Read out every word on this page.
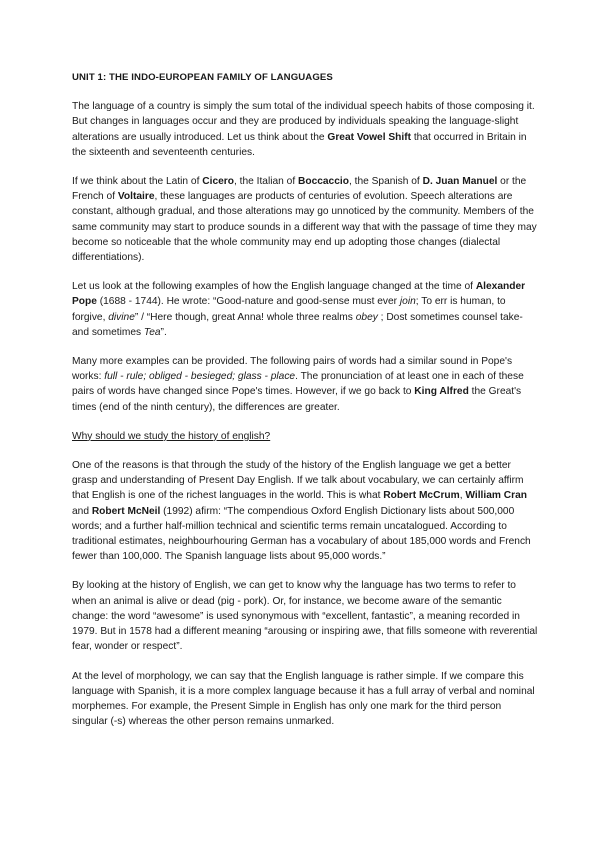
UNIT 1: THE INDO-EUROPEAN FAMILY OF LANGUAGES

The language of a country is simply the sum total of the individual speech habits of those composing it. But changes in languages occur and they are produced by individuals speaking the language-slight alterations are usually introduced. Let us think about the Great Vowel Shift that occurred in Britain in the sixteenth and seventeenth centuries.

If we think about the Latin of Cicero, the Italian of Boccaccio, the Spanish of D. Juan Manuel or the French of Voltaire, these languages are products of centuries of evolution. Speech alterations are constant, although gradual, and those alterations may go unnoticed by the community. Members of the same community may start to produce sounds in a different way that with the passage of time they may become so noticeable that the whole community may end up adopting those changes (dialectal differentiations).

Let us look at the following examples of how the English language changed at the time of Alexander Pope (1688 - 1744). He wrote: “Good-nature and good-sense must ever join; To err is human, to forgive, divine” / “Here though, great Anna! whole three realms obey ; Dost sometimes counsel take-and sometimes Tea”.

Many more examples can be provided. The following pairs of words had a similar sound in Pope's works: full - rule; obliged - besieged; glass - place. The pronunciation of at least one in each of these pairs of words have changed since Pope's times. However, if we go back to King Alfred the Great's times (end of the ninth century), the differences are greater.

Why should we study the history of english?

One of the reasons is that through the study of the history of the English language we get a better grasp and understanding of Present Day English. If we talk about vocabulary, we can certainly affirm that English is one of the richest languages in the world. This is what Robert McCrum, William Cran and Robert McNeil (1992) afirm: “The compendious Oxford English Dictionary lists about 500,000 words; and a further half-million technical and scientific terms remain uncatalogued. According to traditional estimates, neighbourhouring German has a vocabulary of about 185,000 words and French fewer than 100,000. The Spanish language lists about 95,000 words.”

By looking at the history of English, we can get to know why the language has two terms to refer to when an animal is alive or dead (pig - pork). Or, for instance, we become aware of the semantic change: the word “awesome” is used synonymous with “excellent, fantastic”, a meaning recorded in 1979. But in 1578 had a different meaning “arousing or inspiring awe, that fills someone with reverential fear, wonder or respect”.

At the level of morphology, we can say that the English language is rather simple. If we compare this language with Spanish, it is a more complex language because it has a full array of verbal and nominal morphemes. For example, the Present Simple in English has only one mark for the third person singular (-s) whereas the other person remains unmarked.
